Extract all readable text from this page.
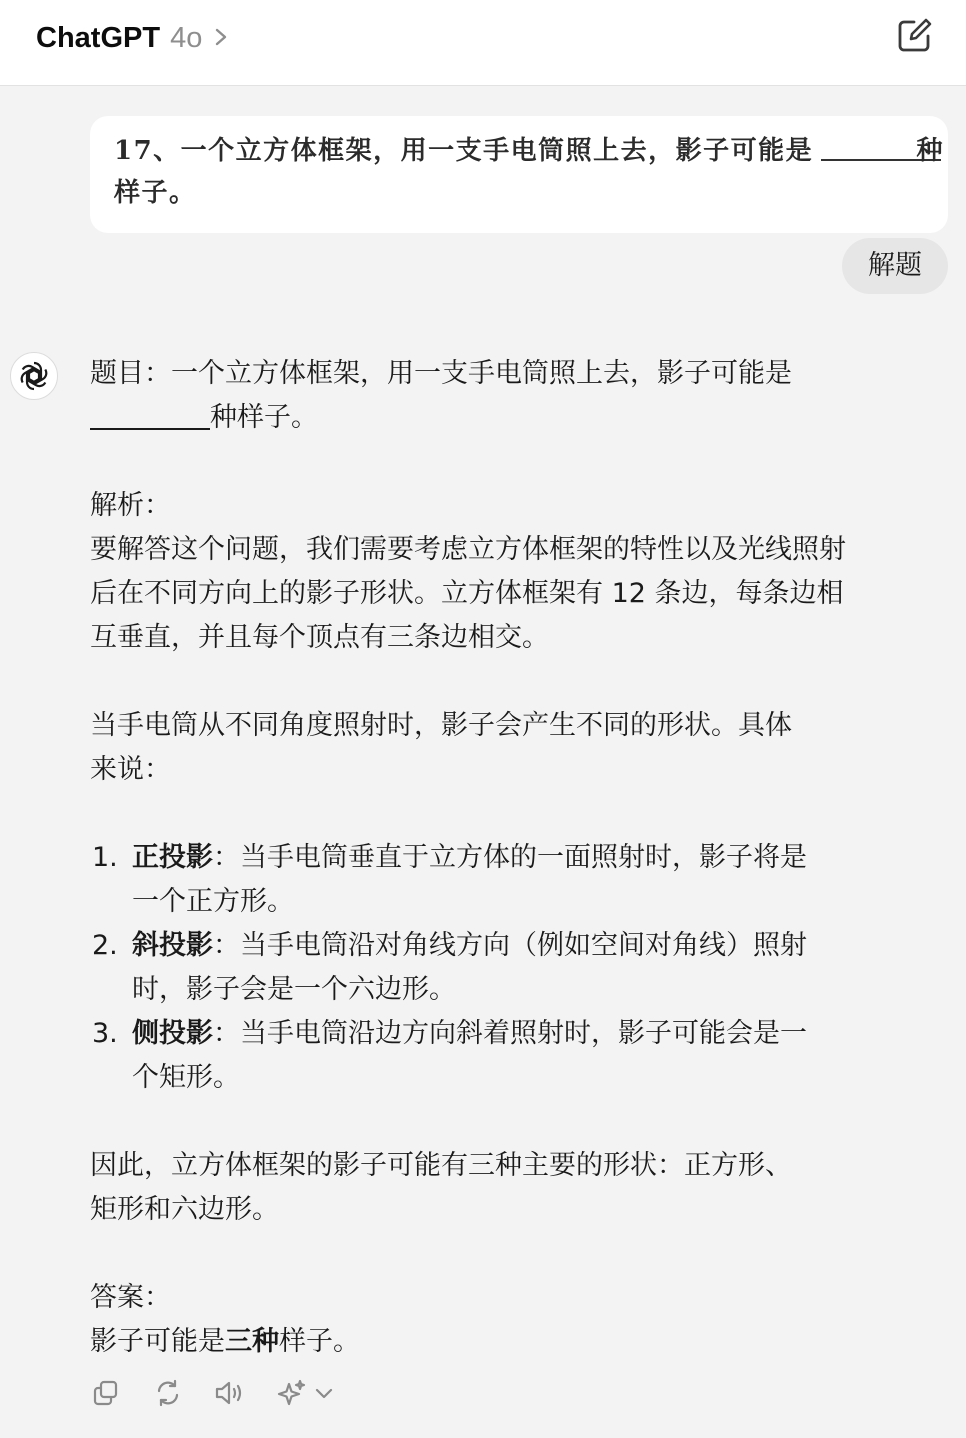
ChatGPT 4o
17、一个立方体框架，用一支手电筒照上去，影子可能是	种
样子。
解题

题目：一个立方体框架，用一支手电筒照上去，影子可能是
种样子。

解析：

要解答这个问题，我们需要考虑立方体框架的特性以及光线照射后在不同方向上的影子形状。立方体框架有 12 条边，每条边相互垂直，并且每个顶点有三条边相交。

当手电筒从不同角度照射时，影子会产生不同的形状。具体
来说：

1. 正投影：当手电筒垂直于立方体的一面照射时，影子将是
一个正方形。
2. 斜投影：当手电筒沿对角线方向（例如空间对角线）照射
时，影子会是一个六边形。
3. 侧投影：当手电筒沿边方向斜着照射时，影子可能会是一
个矩形。

因此，立方体框架的影子可能有三种主要的形状：正方形、
矩形和六边形。

答案：

影子可能是三种样子。
